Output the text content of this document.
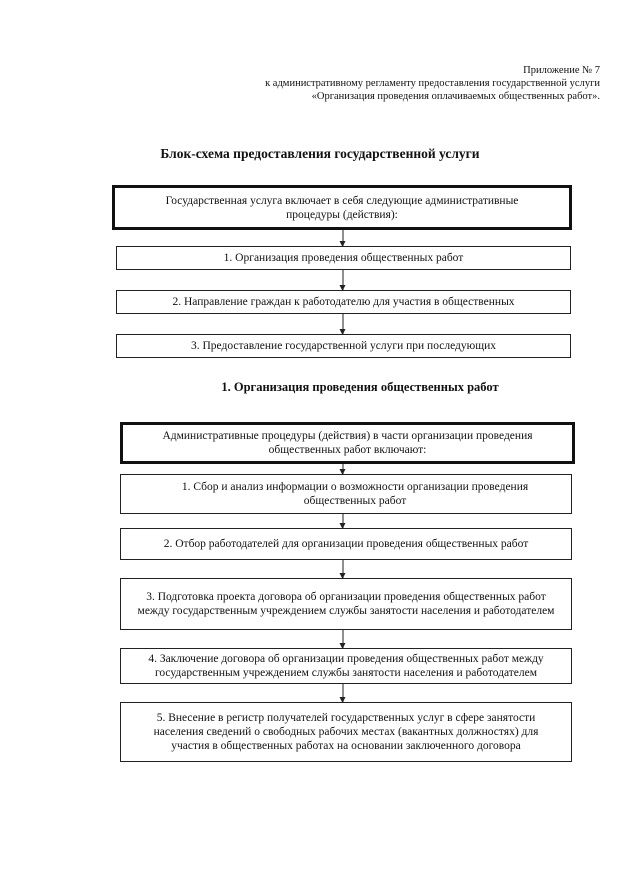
Приложение № 7
к административному регламенту предоставления государственной услуги
«Организация проведения оплачиваемых общественных работ».
Блок-схема предоставления государственной услуги
Государственная услуга включает в себя следующие административные процедуры (действия):
1. Организация проведения общественных работ
2. Направление граждан к работодателю для участия в общественных
3. Предоставление государственной услуги при последующих
1. Организация проведения общественных работ
Административные процедуры (действия) в части организации проведения общественных работ включают:
1. Сбор и анализ информации о возможности организации проведения общественных работ
2. Отбор работодателей для организации проведения общественных работ
3. Подготовка проекта договора об организации проведения общественных работ между государственным учреждением службы занятости населения и работодателем
4. Заключение договора об организации проведения общественных работ между государственным учреждением службы занятости населения и работодателем
5. Внесение в регистр получателей государственных услуг в сфере занятости населения сведений о свободных рабочих местах (вакантных должностях) для участия в общественных работах на основании заключенного договора
